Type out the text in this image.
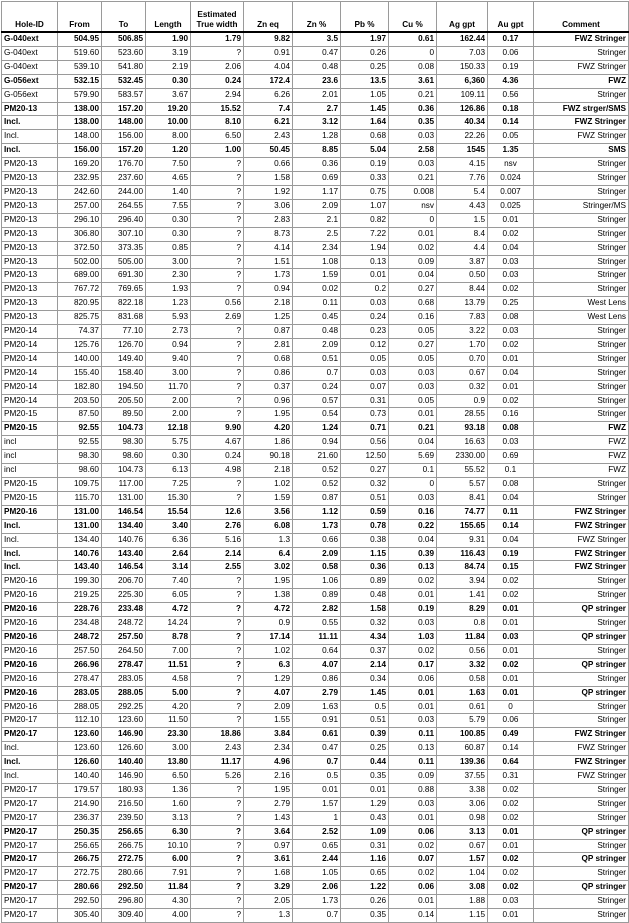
Hole-ID	From	To	Length	Estimated True width	Zn eq	Zn %	Pb %	Cu %	Ag gpt	Au gpt	Comment
G-040ext	504.95	506.85	1.90	1.79	9.82	3.5	1.97	0.61	162.44	0.17	FWZ Stringer
G-040ext	519.60	523.60	3.19	?	0.91	0.47	0.26	0	7.03	0.06	Stringer
G-040ext	539.10	541.80	2.19	2.06	4.04	0.48	0.25	0.08	150.33	0.19	FWZ Stringer
G-056ext	532.15	532.45	0.30	0.24	172.4	23.6	13.5	3.61	6,360	4.36	FWZ
G-056ext	579.90	583.57	3.67	2.94	6.26	2.01	1.05	0.21	109.11	0.56	Stringer
PM20-13	138.00	157.20	19.20	15.52	7.4	2.7	1.45	0.36	126.86	0.18	FWZ strger/SMS
Incl.	138.00	148.00	10.00	8.10	6.21	3.12	1.64	0.35	40.34	0.14	FWZ Stringer
Incl.	148.00	156.00	8.00	6.50	2.43	1.28	0.68	0.03	22.26	0.05	FWZ Stringer
Incl.	156.00	157.20	1.20	1.00	50.45	8.85	5.04	2.58	1545	1.35	SMS
PM20-13	169.20	176.70	7.50	?	0.66	0.36	0.19	0.03	4.15	nsv	Stringer
PM20-13	232.95	237.60	4.65	?	1.58	0.69	0.33	0.21	7.76	0.024	Stringer
PM20-13	242.60	244.00	1.40	?	1.92	1.17	0.75	0.008	5.4	0.007	Stringer
PM20-13	257.00	264.55	7.55	?	3.06	2.09	1.07	nsv	4.43	0.025	Stringer/MS
PM20-13	296.10	296.40	0.30	?	2.83	2.1	0.82	0	1.5	0.01	Stringer
PM20-13	306.80	307.10	0.30	?	8.73	2.5	7.22	0.01	8.4	0.02	Stringer
PM20-13	372.50	373.35	0.85	?	4.14	2.34	1.94	0.02	4.4	0.04	Stringer
PM20-13	502.00	505.00	3.00	?	1.51	1.08	0.13	0.09	3.87	0.03	Stringer
PM20-13	689.00	691.30	2.30	?	1.73	1.59	0.01	0.04	0.50	0.03	Stringer
PM20-13	767.72	769.65	1.93	?	0.94	0.02	0.2	0.27	8.44	0.02	Stringer
PM20-13	820.95	822.18	1.23	0.56	2.18	0.11	0.03	0.68	13.79	0.25	West Lens
PM20-13	825.75	831.68	5.93	2.69	1.25	0.45	0.24	0.16	7.83	0.08	West Lens
PM20-14	74.37	77.10	2.73	?	0.87	0.48	0.23	0.05	3.22	0.03	Stringer
PM20-14	125.76	126.70	0.94	?	2.81	2.09	0.12	0.27	1.70	0.02	Stringer
PM20-14	140.00	149.40	9.40	?	0.68	0.51	0.05	0.05	0.70	0.01	Stringer
PM20-14	155.40	158.40	3.00	?	0.86	0.7	0.03	0.03	0.67	0.04	Stringer
PM20-14	182.80	194.50	11.70	?	0.37	0.24	0.07	0.03	0.32	0.01	Stringer
PM20-14	203.50	205.50	2.00	?	0.96	0.57	0.31	0.05	0.9	0.02	Stringer
PM20-15	87.50	89.50	2.00	?	1.95	0.54	0.73	0.01	28.55	0.16	Stringer
PM20-15	92.55	104.73	12.18	9.90	4.20	1.24	0.71	0.21	93.18	0.08	FWZ
incl	92.55	98.30	5.75	4.67	1.86	0.94	0.56	0.04	16.63	0.03	FWZ
incl	98.30	98.60	0.30	0.24	90.18	21.60	12.50	5.69	2330.00	0.69	FWZ
incl	98.60	104.73	6.13	4.98	2.18	0.52	0.27	0.1	55.52	0.1	FWZ
PM20-15	109.75	117.00	7.25	?	1.02	0.52	0.32	0	5.57	0.08	Stringer
PM20-15	115.70	131.00	15.30	?	1.59	0.87	0.51	0.03	8.41	0.04	Stringer
PM20-16	131.00	146.54	15.54	12.6	3.56	1.12	0.59	0.16	74.77	0.11	FWZ Stringer
Incl.	131.00	134.40	3.40	2.76	6.08	1.73	0.78	0.22	155.65	0.14	FWZ Stringer
Incl.	134.40	140.76	6.36	5.16	1.3	0.66	0.38	0.04	9.31	0.04	FWZ Stringer
Incl.	140.76	143.40	2.64	2.14	6.4	2.09	1.15	0.39	116.43	0.19	FWZ Stringer
Incl.	143.40	146.54	3.14	2.55	3.02	0.58	0.36	0.13	84.74	0.15	FWZ Stringer
PM20-16	199.30	206.70	7.40	?	1.95	1.06	0.89	0.02	3.94	0.02	Stringer
PM20-16	219.25	225.30	6.05	?	1.38	0.89	0.48	0.01	1.41	0.02	Stringer
PM20-16	228.76	233.48	4.72	?	4.72	2.82	1.58	0.19	8.29	0.01	QP stringer
PM20-16	234.48	248.72	14.24	?	0.9	0.55	0.32	0.03	0.8	0.01	Stringer
PM20-16	248.72	257.50	8.78	?	17.14	11.11	4.34	1.03	11.84	0.03	QP stringer
PM20-16	257.50	264.50	7.00	?	1.02	0.64	0.37	0.02	0.56	0.01	Stringer
PM20-16	266.96	278.47	11.51	?	6.3	4.07	2.14	0.17	3.32	0.02	QP stringer
PM20-16	278.47	283.05	4.58	?	1.29	0.86	0.34	0.06	0.58	0.01	Stringer
PM20-16	283.05	288.05	5.00	?	4.07	2.79	1.45	0.01	1.63	0.01	QP stringer
PM20-16	288.05	292.25	4.20	?	2.09	1.63	0.5	0.01	0.61	0	Stringer
PM20-17	112.10	123.60	11.50	?	1.55	0.91	0.51	0.03	5.79	0.06	Stringer
PM20-17	123.60	146.90	23.30	18.86	3.84	0.61	0.39	0.11	100.85	0.49	FWZ Stringer
Incl.	123.60	126.60	3.00	2.43	2.34	0.47	0.25	0.13	60.87	0.14	FWZ Stringer
Incl.	126.60	140.40	13.80	11.17	4.96	0.7	0.44	0.11	139.36	0.64	FWZ Stringer
Incl.	140.40	146.90	6.50	5.26	2.16	0.5	0.35	0.09	37.55	0.31	FWZ Stringer
PM20-17	179.57	180.93	1.36	?	1.95	0.01	0.01	0.88	3.38	0.02	Stringer
PM20-17	214.90	216.50	1.60	?	2.79	1.57	1.29	0.03	3.06	0.02	Stringer
PM20-17	236.37	239.50	3.13	?	1.43	1	0.43	0.01	0.98	0.02	Stringer
PM20-17	250.35	256.65	6.30	?	3.64	2.52	1.09	0.06	3.13	0.01	QP stringer
PM20-17	256.65	266.75	10.10	?	0.97	0.65	0.31	0.02	0.67	0.01	Stringer
PM20-17	266.75	272.75	6.00	?	3.61	2.44	1.16	0.07	1.57	0.02	QP stringer
PM20-17	272.75	280.66	7.91	?	1.68	1.05	0.65	0.02	1.04	0.02	Stringer
PM20-17	280.66	292.50	11.84	?	3.29	2.06	1.22	0.06	3.08	0.02	QP stringer
PM20-17	292.50	296.80	4.30	?	2.05	1.73	0.26	0.01	1.88	0.03	Stringer
PM20-17	305.40	309.40	4.00	?	1.3	0.7	0.35	0.14	1.15	0.01	Stringer
